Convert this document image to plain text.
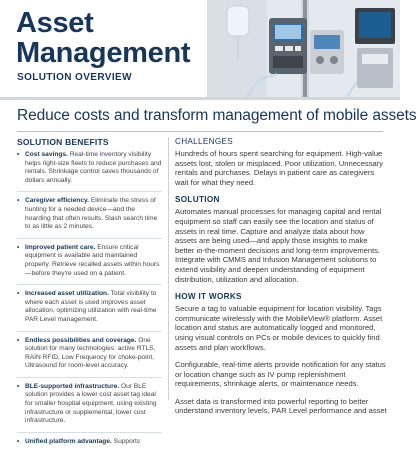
Asset
Management
SOLUTION OVERVIEW
Reduce costs and transform management of mobile assets
SOLUTION BENEFITS
• Cost savings. Real-time inventory visibility helps right-size fleets to reduce purchases and rentals. Shrinkage control saves thousands of dollars annually.
• Caregiver efficiency. Eliminate the stress of hunting for a needed device—and the hoarding that often results. Slash search time to as little as 2 minutes.
• Improved patient care. Ensure critical equipment is available and maintained properly. Retrieve recalled assets within hours—before they're used on a patient.
• Increased asset utilization. Total visibility to where each asset is used improves asset allocation, optimizing utilization with real-time PAR Level management.
• Endless possibilities and coverage. One solution for many technologies: active RTLS, RAIN RFID, Low Frequency for choke-point, Ultrasound for room-level accuracy.
• BLE-supported infrastructure. Our BLE solution provides a lower cost asset tag ideal for smaller hospital equipment, using existing infrastructure or supplemental, lower cost infrastructure.
• Unified platform advantage. Supports
CHALLENGES
Hundreds of hours spent searching for equipment. High-value assets lost, stolen or misplaced. Poor utilization. Unnecessary rentals and purchases. Delays in patient care as caregivers wait for what they need.
SOLUTION
Automates manual processes for managing capital and rental equipment so staff can easily see the location and status of assets in real time. Capture and analyze data about how assets are being used—and apply those insights to make better in-the-moment decisions and long-term improvements. Integrate with CMMS and Infusion Management solutions to extend visibility and deepen understanding of equipment distribution, utilization and allocation.
HOW IT WORKS
Secure a tag to valuable equipment for location visibility. Tags communicate wirelessly with the MobileView® platform. Asset location and status are automatically logged and monitored, using visual controls on PCs or mobile devices to quickly find assets and plan workflows.
Configurable, real-time alerts provide notification for any status or location change such as IV pump replenishment requirements, shrinkage alerts, or maintenance needs.
Asset data is transformed into powerful reporting to better understand inventory levels, PAR Level performance and asset
